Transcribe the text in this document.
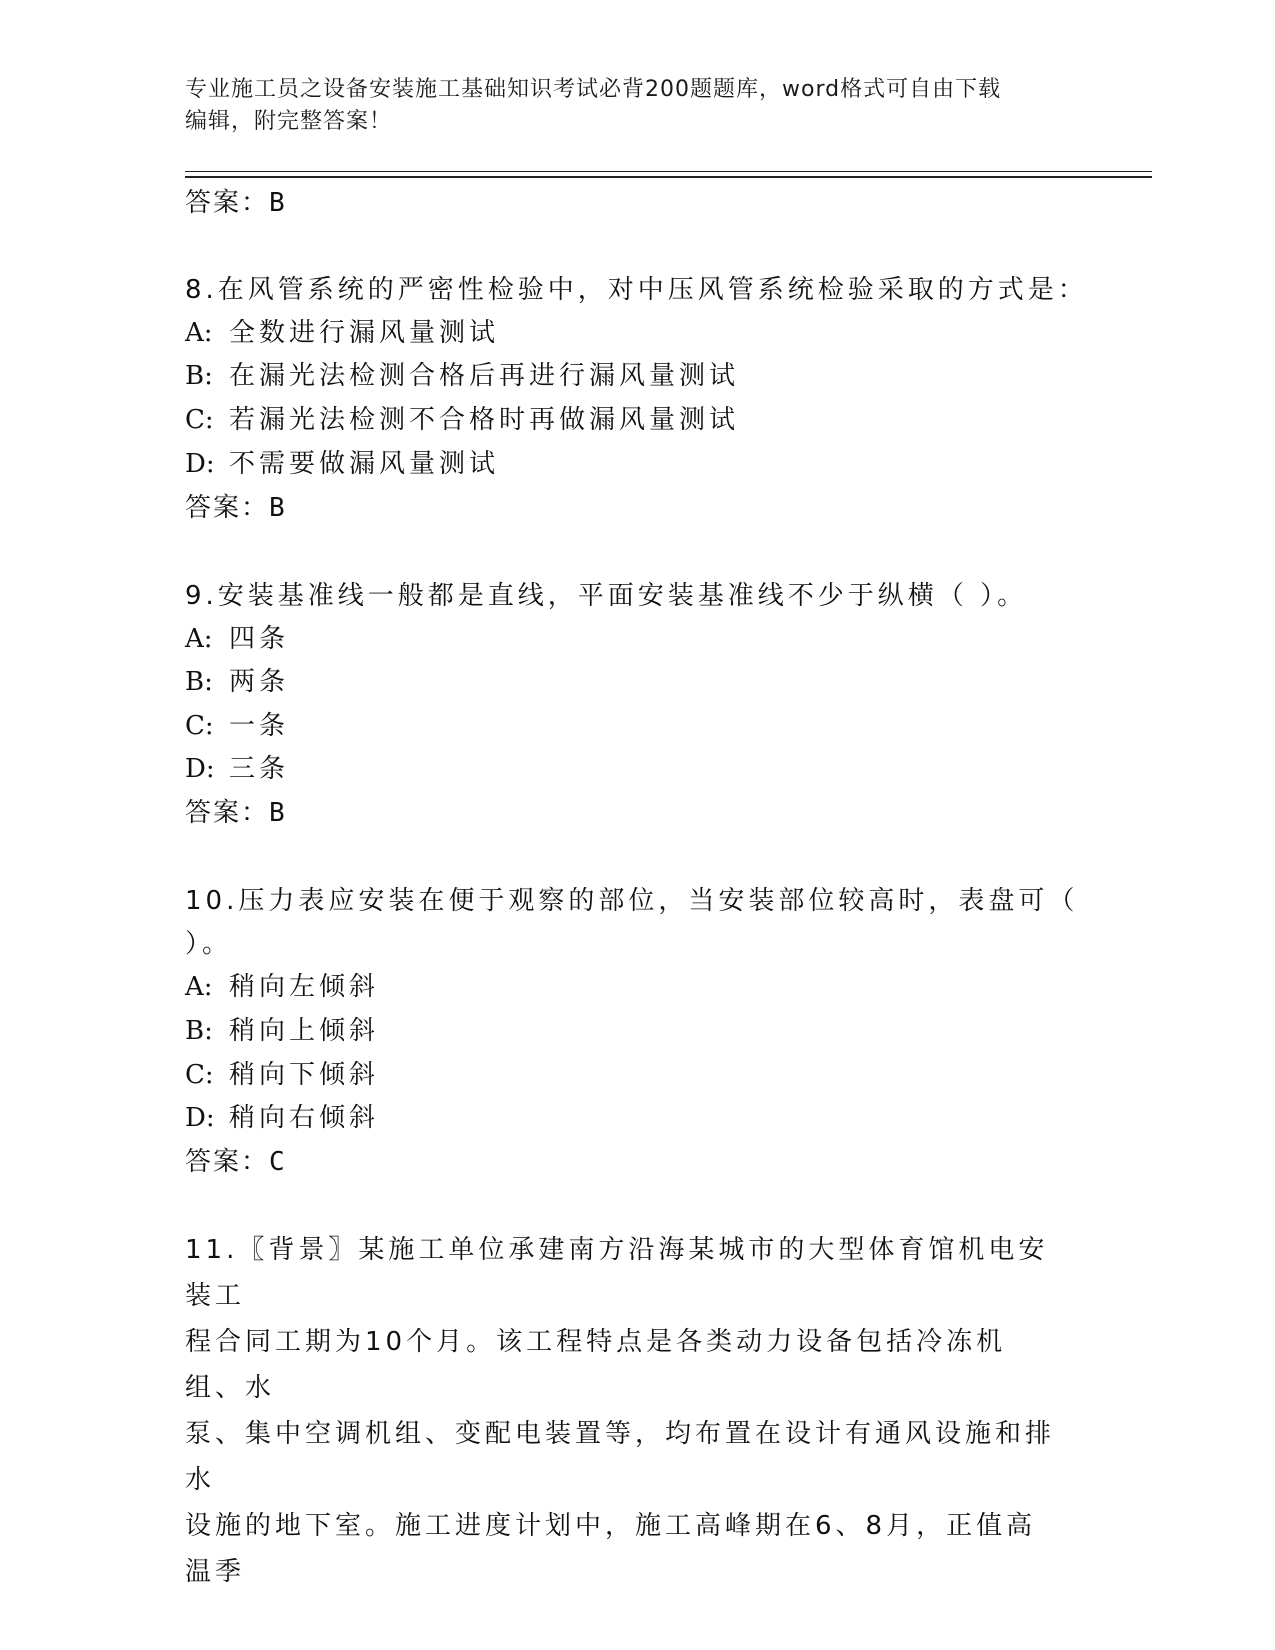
专业施工员之设备安装施工基础知识考试必背200题题库，word格式可自由下载
编辑，附完整答案！
答案：B
8.在风管系统的严密性检验中，对中压风管系统检验采取的方式是：
A: 全数进行漏风量测试
B: 在漏光法检测合格后再进行漏风量测试
C: 若漏光法检测不合格时再做漏风量测试
D: 不需要做漏风量测试
答案：B
9.安装基准线一般都是直线，平面安装基准线不少于纵横（ ）。
A: 四条
B: 两条
C: 一条
D: 三条
答案：B
10.压力表应安装在便于观察的部位，当安装部位较高时，表盘可（
）。
A: 稍向左倾斜
B: 稍向上倾斜
C: 稍向下倾斜
D: 稍向右倾斜
答案：C
11.〖背景〗某施工单位承建南方沿海某城市的大型体育馆机电安装工
程合同工期为10个月。该工程特点是各类动力设备包括冷冻机组、水
泵、集中空调机组、变配电装置等，均布置在设计有通风设施和排水
设施的地下室。施工进度计划中，施工高峰期在6、8月，正值高温季
